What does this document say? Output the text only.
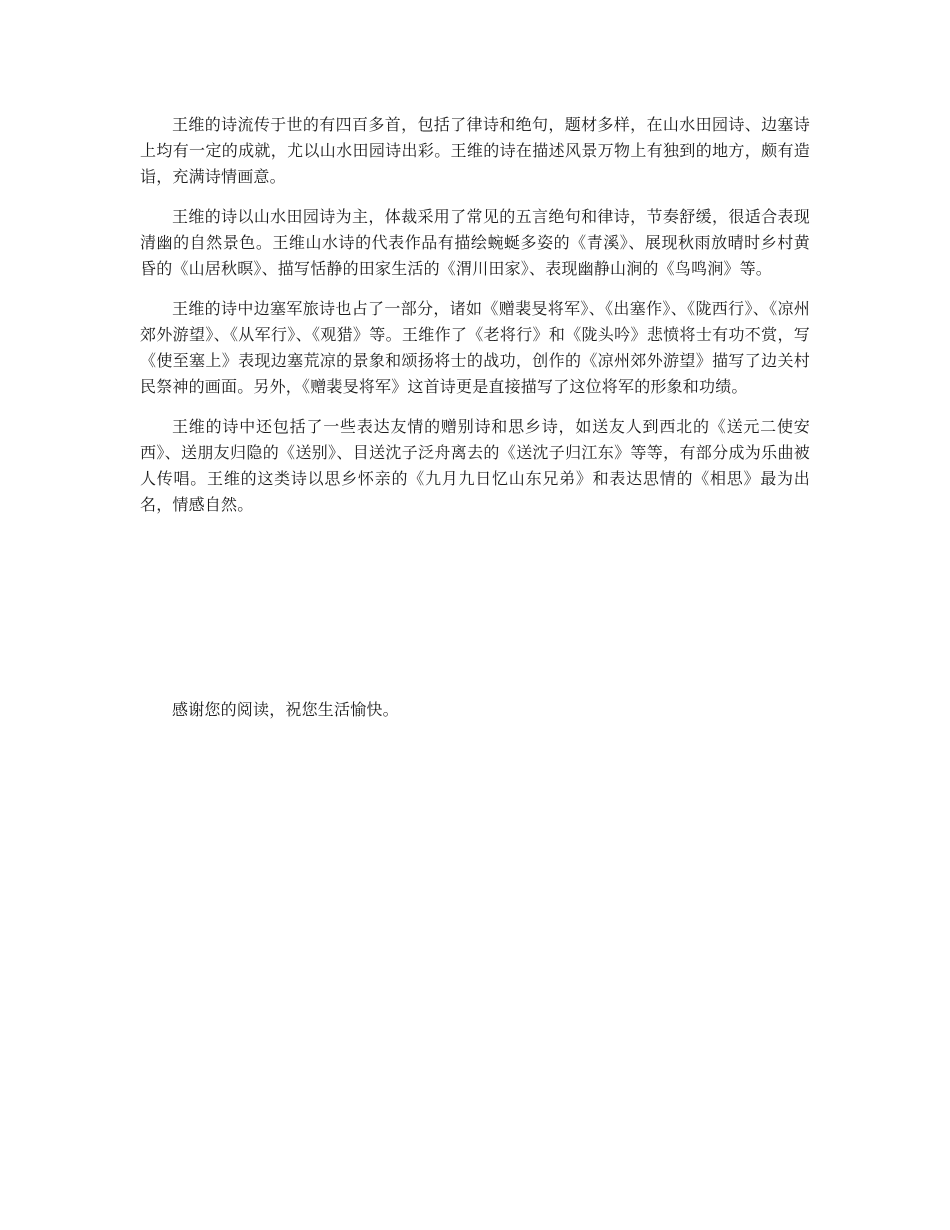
王维的诗流传于世的有四百多首，包括了律诗和绝句，题材多样，在山水田园诗、边塞诗上均有一定的成就，尤以山水田园诗出彩。王维的诗在描述风景万物上有独到的地方，颇有造诣，充满诗情画意。

王维的诗以山水田园诗为主，体裁采用了常见的五言绝句和律诗，节奏舒缓，很适合表现清幽的自然景色。王维山水诗的代表作品有描绘蜿蜒多姿的《青溪》、展现秋雨放晴时乡村黄昏的《山居秋暝》、描写恬静的田家生活的《渭川田家》、表现幽静山涧的《鸟鸣涧》等。

王维的诗中边塞军旅诗也占了一部分，诸如《赠裴旻将军》、《出塞作》、《陇西行》、《凉州郊外游望》、《从军行》、《观猎》等。王维作了《老将行》和《陇头吟》悲愤将士有功不赏，写《使至塞上》表现边塞荒凉的景象和颂扬将士的战功，创作的《凉州郊外游望》描写了边关村民祭神的画面。另外，《赠裴旻将军》这首诗更是直接描写了这位将军的形象和功绩。

王维的诗中还包括了一些表达友情的赠别诗和思乡诗，如送友人到西北的《送元二使安西》、送朋友归隐的《送别》、目送沈子泛舟离去的《送沈子归江东》等等，有部分成为乐曲被人传唱。王维的这类诗以思乡怀亲的《九月九日忆山东兄弟》和表达思情的《相思》最为出名，情感自然。

感谢您的阅读，祝您生活愉快。
